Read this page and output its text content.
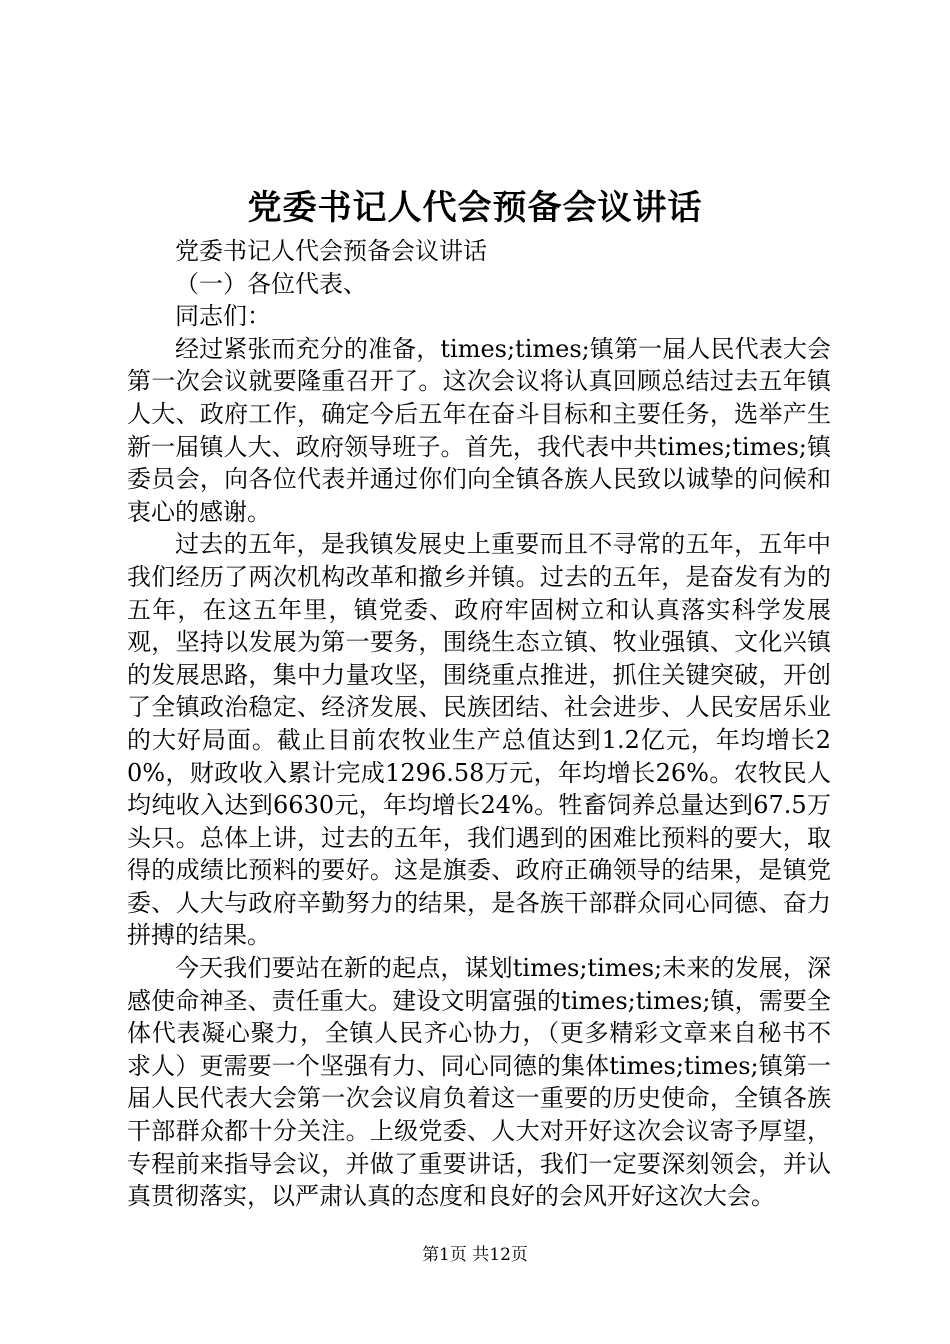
党委书记人代会预备会议讲话

党委书记人代会预备会议讲话

（一）各位代表、

同志们：

经过紧张而充分的准备，times;times;镇第一届人民代表大会第一次会议就要隆重召开了。这次会议将认真回顾总结过去五年镇人大、政府工作，确定今后五年在奋斗目标和主要任务，选举产生新一届镇人大、政府领导班子。首先，我代表中共times;times;镇委员会，向各位代表并通过你们向全镇各族人民致以诚挚的问候和衷心的感谢。

过去的五年，是我镇发展史上重要而且不寻常的五年，五年中我们经历了两次机构改革和撤乡并镇。过去的五年，是奋发有为的五年，在这五年里，镇党委、政府牢固树立和认真落实科学发展观，坚持以发展为第一要务，围绕生态立镇、牧业强镇、文化兴镇的发展思路，集中力量攻坚，围绕重点推进，抓住关键突破，开创了全镇政治稳定、经济发展、民族团结、社会进步、人民安居乐业的大好局面。截止目前农牧业生产总值达到1.2亿元，年均增长20%，财政收入累计完成1296.58万元，年均增长26%。农牧民人均纯收入达到6630元，年均增长24%。牲畜饲养总量达到67.5万头只。总体上讲，过去的五年，我们遇到的困难比预料的要大，取得的成绩比预料的要好。这是旗委、政府正确领导的结果，是镇党委、人大与政府辛勤努力的结果，是各族干部群众同心同德、奋力拼搏的结果。

今天我们要站在新的起点，谋划times;times;未来的发展，深感使命神圣、责任重大。建设文明富强的times;times;镇，需要全体代表凝心聚力，全镇人民齐心协力，（更多精彩文章来自秘书不求人）更需要一个坚强有力、同心同德的集体times;times;镇第一届人民代表大会第一次会议肩负着这一重要的历史使命，全镇各族干部群众都十分关注。上级党委、人大对开好这次会议寄予厚望，专程前来指导会议，并做了重要讲话，我们一定要深刻领会，并认真贯彻落实，以严肃认真的态度和良好的会风开好这次大会。

第1页 共12页
